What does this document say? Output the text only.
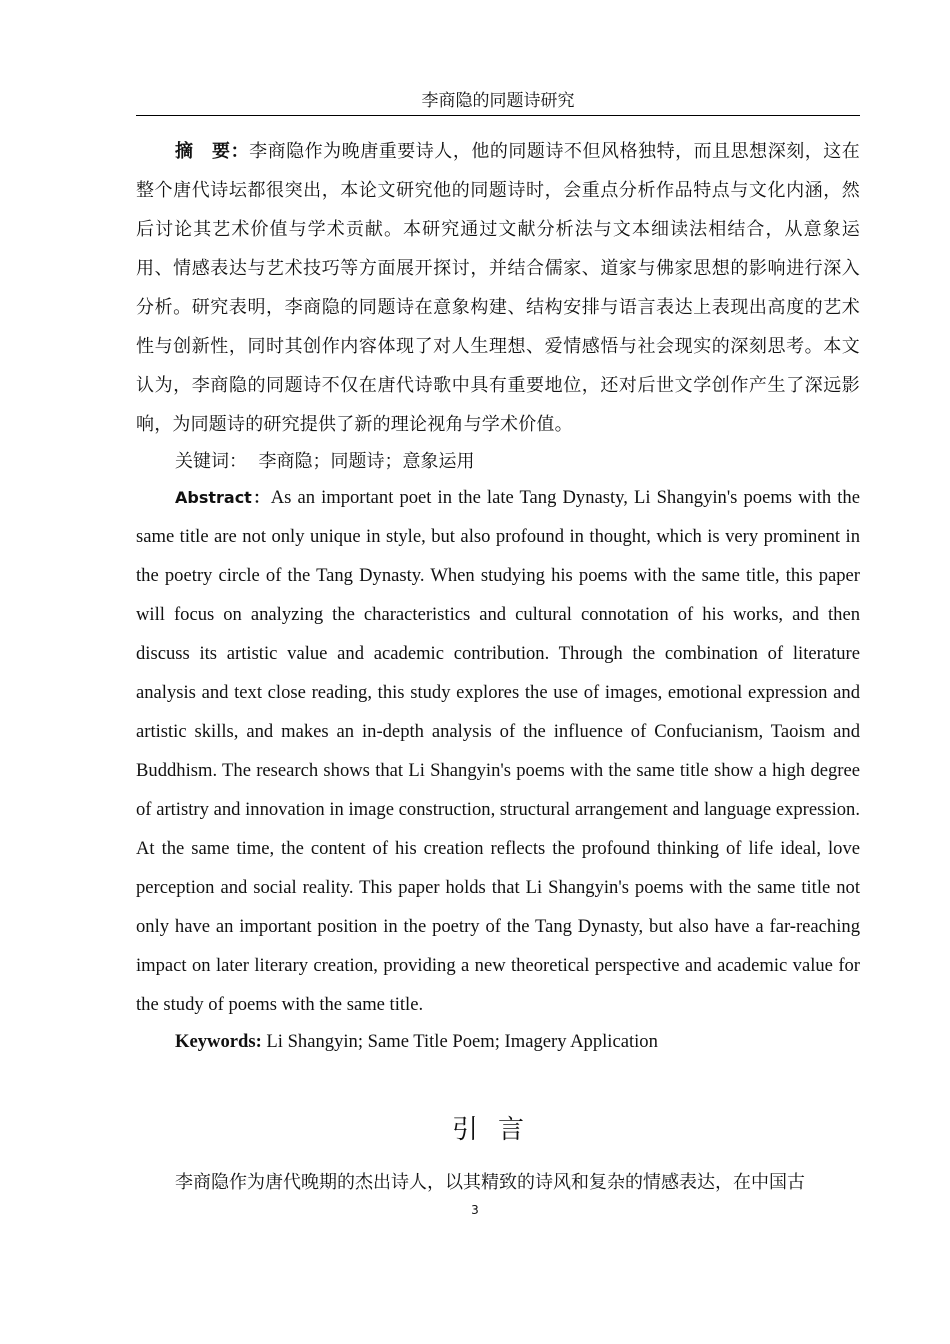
李商隐的同题诗研究

摘　要：李商隐作为晚唐重要诗人，他的同题诗不但风格独特，而且思想深刻，这在整个唐代诗坛都很突出，本论文研究他的同题诗时，会重点分析作品特点与文化内涵，然后讨论其艺术价值与学术贡献。本研究通过文献分析法与文本细读法相结合，从意象运用、情感表达与艺术技巧等方面展开探讨，并结合儒家、道家与佛家思想的影响进行深入分析。研究表明，李商隐的同题诗在意象构建、结构安排与语言表达上表现出高度的艺术性与创新性，同时其创作内容体现了对人生理想、爱情感悟与社会现实的深刻思考。本文认为，李商隐的同题诗不仅在唐代诗歌中具有重要地位，还对后世文学创作产生了深远影响，为同题诗的研究提供了新的理论视角与学术价值。

关键词： 李商隐；同题诗；意象运用

Abstract：As an important poet in the late Tang Dynasty, Li Shangyin's poems with the same title are not only unique in style, but also profound in thought, which is very prominent in the poetry circle of the Tang Dynasty. When studying his poems with the same title, this paper will focus on analyzing the characteristics and cultural connotation of his works, and then discuss its artistic value and academic contribution. Through the combination of literature analysis and text close reading, this study explores the use of images, emotional expression and artistic skills, and makes an in-depth analysis of the influence of Confucianism, Taoism and Buddhism. The research shows that Li Shangyin's poems with the same title show a high degree of artistry and innovation in image construction, structural arrangement and language expression. At the same time, the content of his creation reflects the profound thinking of life ideal, love perception and social reality. This paper holds that Li Shangyin's poems with the same title not only have an important position in the poetry of the Tang Dynasty, but also have a far-reaching impact on later literary creation, providing a new theoretical perspective and academic value for the study of poems with the same title.

Keywords: Li Shangyin; Same Title Poem; Imagery Application
引言

李商隐作为唐代晚期的杰出诗人，以其精致的诗风和复杂的情感表达，在中国古

3
